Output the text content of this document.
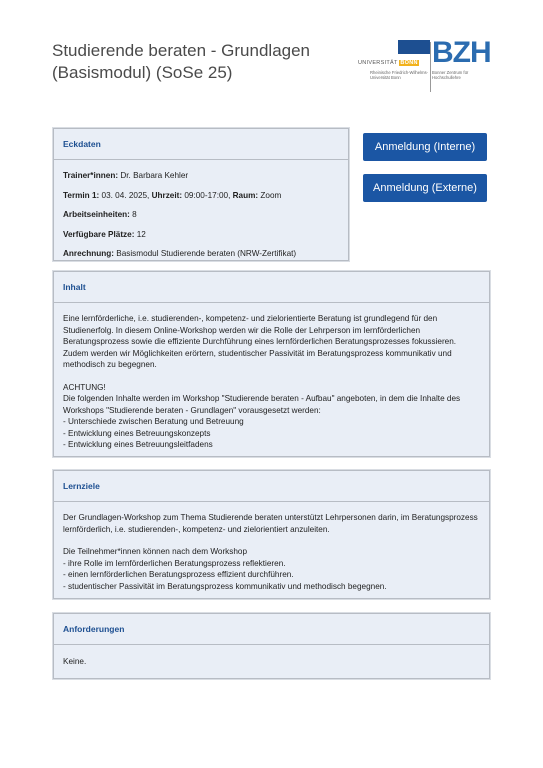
Studierende beraten - Grundlagen (Basismodul) (SoSe 25)	UNIVERSITÄT BONN
Rheinische Friedrich-Wilhelms-Universität Bonn
BZH
Bonner Zentrum für Hochschullehre
Anmeldung (Interne)
Anmeldung (Externe)
Eckdaten
Trainer*innen: Dr. Barbara Kehler
Termin 1: 03. 04. 2025, Uhrzeit: 09:00-17:00, Raum: Zoom
Arbeitseinheiten: 8
Verfügbare Plätze: 12
Anrechnung: Basismodul Studierende beraten (NRW-Zertifikat)
Inhalt

Eine lernförderliche, i.e. studierenden-, kompetenz- und zielorientierte Beratung ist grundlegend für den Studienerfolg. In diesem Online-Workshop werden wir die Rolle der Lehrperson im lernförderlichen Beratungsprozess sowie die effiziente Durchführung eines lernförderlichen Beratungsprozesses fokussieren. Zudem werden wir Möglichkeiten erörtern, studentischer Passivität im Beratungsprozess kommunikativ und methodisch zu begegnen.

ACHTUNG!

Die folgenden Inhalte werden im Workshop "Studierende beraten - Aufbau" angeboten, in dem die Inhalte des Workshops "Studierende beraten - Grundlagen" vorausgesetzt werden:

- Unterschiede zwischen Beratung und Betreuung

- Entwicklung eines Betreuungskonzepts

- Entwicklung eines Betreuungsleitfadens

Lernziele

Der Grundlagen-Workshop zum Thema Studierende beraten unterstützt Lehrpersonen darin, im Beratungsprozess lernförderlich, i.e. studierenden-, kompetenz- und zielorientiert anzuleiten.

Die Teilnehmer*innen können nach dem Workshop

- ihre Rolle im lernförderlichen Beratungsprozess reflektieren.

- einen lernförderlichen Beratungsprozess effizient durchführen.

- studentischer Passivität im Beratungsprozess kommunikativ und methodisch begegnen.

Anforderungen

Keine.
